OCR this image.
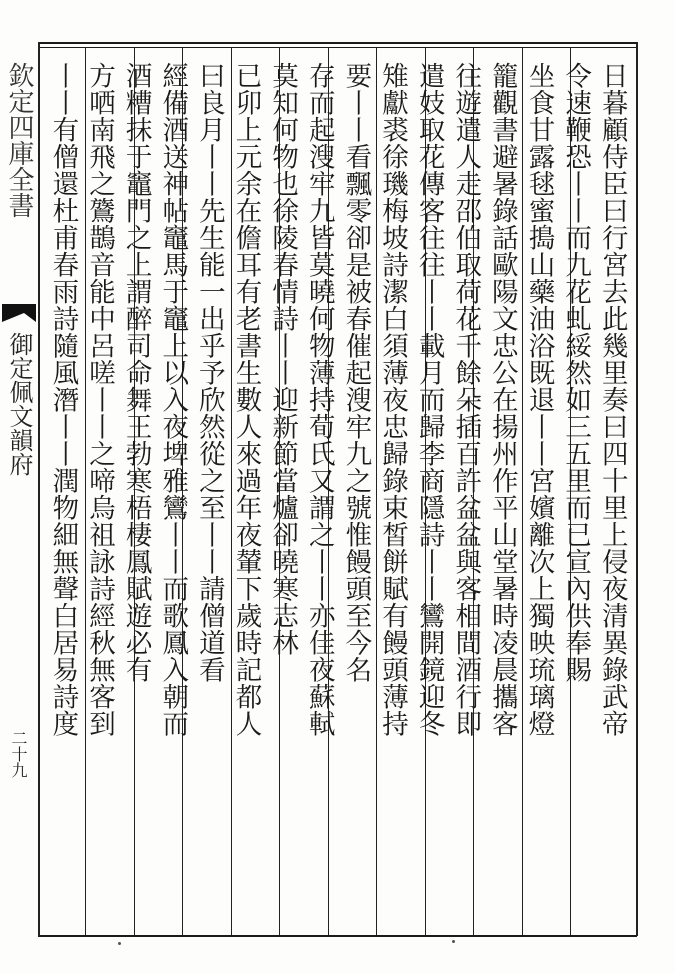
欽定四庫全書
御定佩文韻府
二十九
日暮顧侍臣曰行宮去此幾里奏曰四十里上侵夜清異錄武帝
令速鞭恐丨丨而九花虬綏然如三五里而已宣內供奉賜
坐食甘露毬蜜搗山藥油浴既退丨丨宮嬪離次上獨映琉璃燈
籠觀書避暑錄話歐陽文忠公在揚州作平山堂暑時凌晨攜客
往遊遣人走邵伯取荷花千餘朵插百許盆盆與客相間酒行即
遣妓取花傳客往往丨丨載月而歸李商隱詩丨丨鸞開鏡迎冬
雉獻裘徐璣梅坡詩潔白須薄夜忠歸錄束皙餅賦有饅頭薄持
要丨丨看飄零卻是被春催起溲牢九之號惟饅頭至今名
存而起溲牢九皆莫曉何物薄持荀氏又謂之丨丨亦佳夜蘇軾
莫知何物也徐陵春情詩丨丨迎新節當爐卻曉寒志林
已卯上元余在儋耳有老書生數人來過年夜輦下歲時記都人
曰良月丨丨先生能一出乎予欣然從之至丨丨請僧道看
經備酒送神帖竈馬于竈上以入夜埤雅鸞丨丨而歌鳳入朝而
酒糟抹于竈門之上謂醉司命舞王勃寒梧棲鳳賦遊必有
方哂南飛之鷟鵲音能中呂嗟丨丨之啼烏祖詠詩經秋無客到
丨丨有僧還杜甫春雨詩隨風潛丨丨潤物細無聲白居易詩度
